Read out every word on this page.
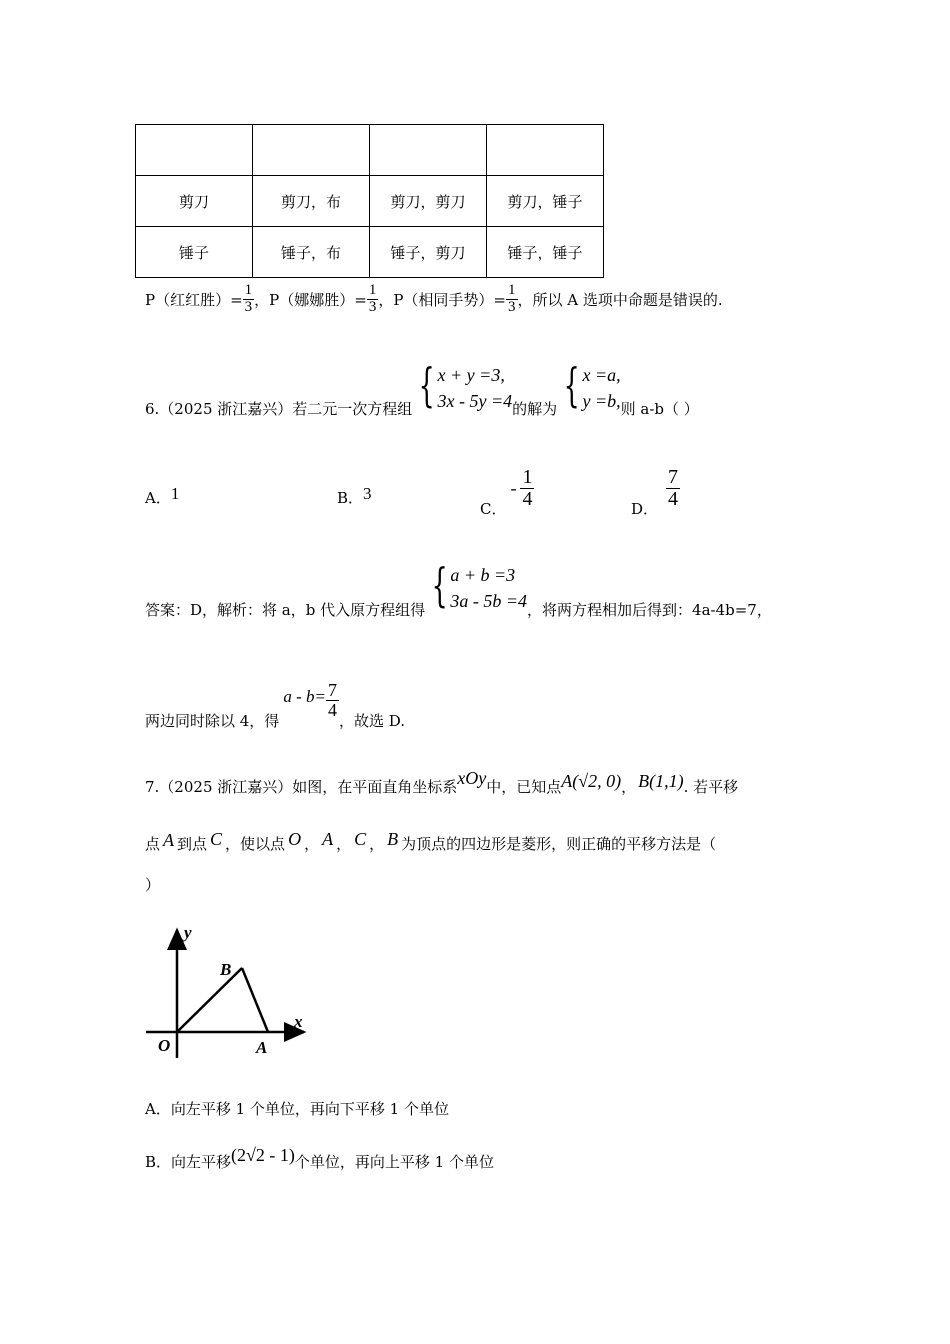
剪刀	剪刀，布	剪刀，剪刀	剪刀，锤子
锤子	锤子，布	锤子，剪刀	锤子，锤子
P（红红胜）= $\frac{1}{3}$ ，P（娜娜胜）= $\frac{1}{3}$ ，P（相同手势）= $\frac{1}{3}$ ，所以 A 选项中命题是错误的.
6.（2025 浙江嘉兴）若二元一次方程组 { x + y =3,
3x - 5y =4 的解为 { x =a,
y =b, 则 a-b（ ）
A．1	B．3
C．
- $\frac{1}{4}$	D． $\frac{7}{4}$
答案：D，解析：将 a，b 代入原方程组得 { a + b =3
3a - 5b =4 ，将两方程相加后得到：4a-4b=7，
两边同时除以 4，得
$a - b= \frac{7}{4}$
，故选 D.
7.（2025 浙江嘉兴）如图，在平面直角坐标系 xOy 中，已知点 A(√2, 0) ， B(1,1) . 若平移
点 A 到点 C ，使以点 O ， A ， C ， B 为顶点的四边形是菱形，则正确的平移方法是（
）
y
x
O	A
B
A．向左平移 1 个单位，再向下平移 1 个单位
B．向左平移 (2√2 - 1) 个单位，再向上平移 1 个单位
